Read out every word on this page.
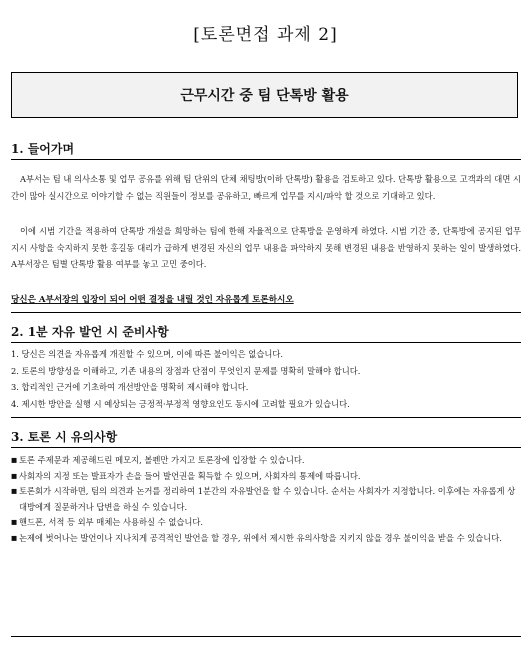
[토론면접 과제 2]
근무시간 중 팀 단톡방 활용
1. 들어가며
A부서는 팀 내 의사소통 및 업무 공유를 위해 팀 단위의 단체 채팅방(이하 단톡방) 활용을 검토하고 있다. 단톡방 활용으로 고객과의 대면 시간이 많아 실시간으로 이야기할 수 없는 직원들이 정보를 공유하고, 빠르게 업무를 지시/파악 할 것으로 기대하고 있다.
이에 시범 기간을 적용하여 단톡방 개설을 희망하는 팀에 한해 자율적으로 단톡방을 운영하게 하였다. 시범 기간 중, 단톡방에 공지된 업무지시 사항을 숙지하지 못한 홍길동 대리가 급하게 변경된 자신의 업무 내용을 파악하지 못해 변경된 내용을 반영하지 못하는 일이 발생하였다. A부서장은 팀별 단톡방 활용 여부를 놓고 고민 중이다.
당신은 A부서장의 입장이 되어 어떤 결정을 내릴 것인 자유롭게 토론하시오
2. 1분 자유 발언 시 준비사항
1. 당신은 의견을 자유롭게 개진할 수 있으며, 이에 따른 불이익은 없습니다.
2. 토론의 방향성을 이해하고, 기존 내용의 장점과 단점이 무엇인지 문제를 명확히 말해야 합니다.
3. 합리적인 근거에 기초하여 개선방안을 명확히 제시해야 합니다.
4. 제시한 방안을 실행 시 예상되는 긍정적·부정적 영향요인도 동시에 고려할 필요가 있습니다.
3. 토론 시 유의사항
■ 토론 주제문과 제공해드린 메모지, 볼펜만 가지고 토론장에 입장할 수 있습니다.
■ 사회자의 지정 또는 발표자가 손을 들어 발언권을 획득할 수 있으며, 사회자의 통제에 따릅니다.
■ 토론회가 시작하면, 팀의 의견과 논거를 정리하여 1분간의 자유발언을 할 수 있습니다. 순서는 사회자가 지정합니다. 이후에는 자유롭게 상대방에게 질문하거나 답변을 하실 수 있습니다.
■ 핸드폰, 서적 등 외부 매체는 사용하실 수 없습니다.
■ 논제에 벗어나는 발언이나 지나치게 공격적인 발언을 할 경우, 위에서 제시한 유의사항을 지키지 않을 경우 불이익을 받을 수 있습니다.
